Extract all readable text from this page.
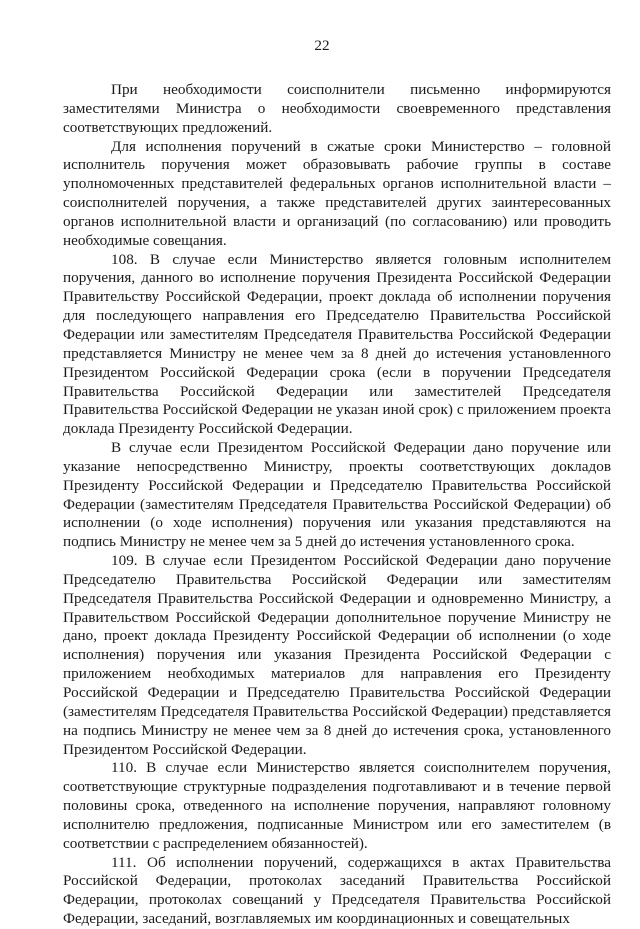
22

При необходимости соисполнители письменно информируются заместителями Министра о необходимости своевременного представления соответствующих предложений.

Для исполнения поручений в сжатые сроки Министерство – головной исполнитель поручения может образовывать рабочие группы в составе уполномоченных представителей федеральных органов исполнительной власти – соисполнителей поручения, а также представителей других заинтересованных органов исполнительной власти и организаций (по согласованию) или проводить необходимые совещания.

108. В случае если Министерство является головным исполнителем поручения, данного во исполнение поручения Президента Российской Федерации Правительству Российской Федерации, проект доклада об исполнении поручения для последующего направления его Председателю Правительства Российской Федерации или заместителям Председателя Правительства Российской Федерации представляется Министру не менее чем за 8 дней до истечения установленного Президентом Российской Федерации срока (если в поручении Председателя Правительства Российской Федерации или заместителей Председателя Правительства Российской Федерации не указан иной срок) с приложением проекта доклада Президенту Российской Федерации.

В случае если Президентом Российской Федерации дано поручение или указание непосредственно Министру, проекты соответствующих докладов Президенту Российской Федерации и Председателю Правительства Российской Федерации (заместителям Председателя Правительства Российской Федерации) об исполнении (о ходе исполнения) поручения или указания представляются на подпись Министру не менее чем за 5 дней до истечения установленного срока.

109. В случае если Президентом Российской Федерации дано поручение Председателю Правительства Российской Федерации или заместителям Председателя Правительства Российской Федерации и одновременно Министру, а Правительством Российской Федерации дополнительное поручение Министру не дано, проект доклада Президенту Российской Федерации об исполнении (о ходе исполнения) поручения или указания Президента Российской Федерации с приложением необходимых материалов для направления его Президенту Российской Федерации и Председателю Правительства Российской Федерации (заместителям Председателя Правительства Российской Федерации) представляется на подпись Министру не менее чем за 8 дней до истечения срока, установленного Президентом Российской Федерации.

110. В случае если Министерство является соисполнителем поручения, соответствующие структурные подразделения подготавливают и в течение первой половины срока, отведенного на исполнение поручения, направляют головному исполнителю предложения, подписанные Министром или его заместителем (в соответствии с распределением обязанностей).

111. Об исполнении поручений, содержащихся в актах Правительства Российской Федерации, протоколах заседаний Правительства Российской Федерации, протоколах совещаний у Председателя Правительства Российской Федерации, заседаний, возглавляемых им координационных и совещательных
